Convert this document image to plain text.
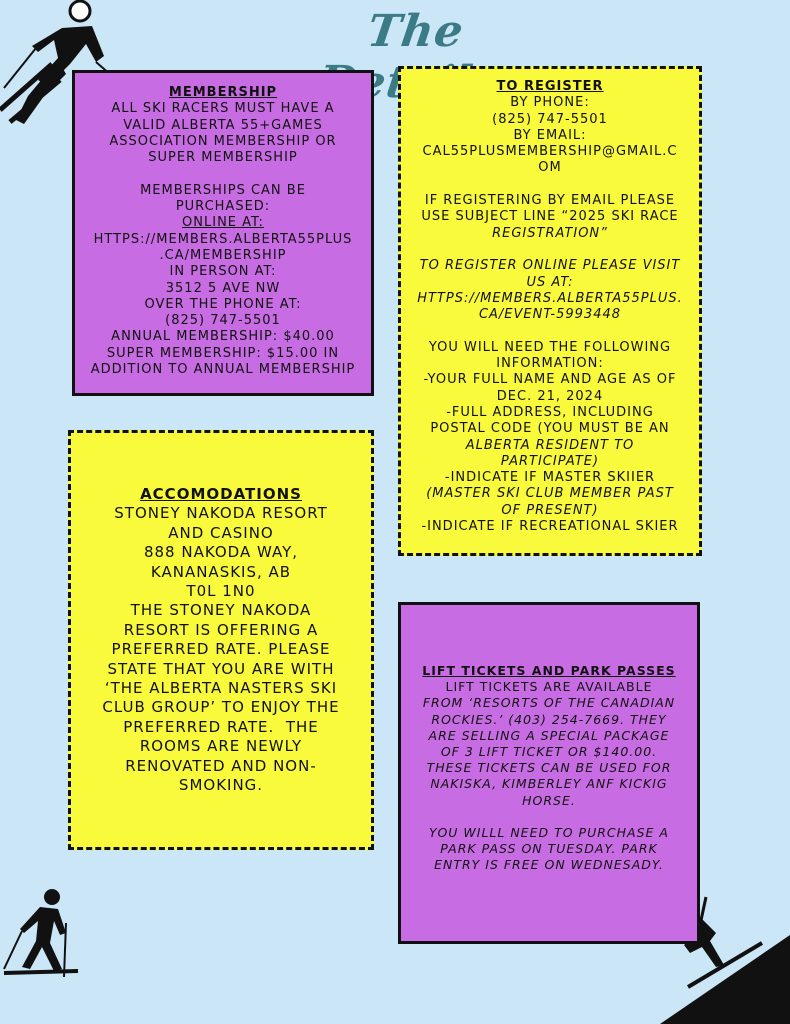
The
MEMBERSHIP
ALL SKI RACERS MUST HAVE A
VALID ALBERTA 55+GAMES
ASSOCIATION MEMBERSHIP OR
SUPER MEMBERSHIP

MEMBERSHIPS CAN BE
PURCHASED:
ONLINE AT:
HTTPS://MEMBERS.ALBERTA55PLUS
.CA/MEMBERSHIP
IN PERSON AT:
3512 5 AVE NW
OVER THE PHONE AT:
(825) 747-5501
ANNUAL MEMBERSHIP: $40.00
SUPER MEMBERSHIP: $15.00 IN
ADDITION TO ANNUAL MEMBERSHIP
TO REGISTER
BY PHONE:
(825) 747-5501
BY EMAIL:
CAL55PLUSMEMBERSHIP@GMAIL.C
OM

IF REGISTERING BY EMAIL PLEASE
USE SUBJECT LINE “2025 SKI RACE
REGISTRATION”

TO REGISTER ONLINE PLEASE VISIT
US AT:
HTTPS://MEMBERS.ALBERTA55PLUS.
CA/EVENT-5993448

YOU WILL NEED THE FOLLOWING
INFORMATION:
-YOUR FULL NAME AND AGE AS OF
DEC. 21, 2024
-FULL ADDRESS, INCLUDING
POSTAL CODE (YOU MUST BE AN
ALBERTA RESIDENT TO
PARTICIPATE)
-INDICATE IF MASTER SKIIER
(MASTER SKI CLUB MEMBER PAST
OF PRESENT)
-INDICATE IF RECREATIONAL SKIER
ACCOMODATIONS
STONEY NAKODA RESORT
AND CASINO
888 NAKODA WAY,
KANANASKIS, AB
T0L 1N0
THE STONEY NAKODA
RESORT IS OFFERING A
PREFERRED RATE. PLEASE
STATE THAT YOU ARE WITH
‘THE ALBERTA NASTERS SKI
CLUB GROUP’ TO ENJOY THE
PREFERRED RATE.  THE
ROOMS ARE NEWLY
RENOVATED AND NON-
SMOKING.
LIFT TICKETS AND PARK PASSES
LIFT TICKETS ARE AVAILABLE
FROM ‘RESORTS OF THE CANADIAN
ROCKIES.’ (403) 254-7669. THEY
ARE SELLING A SPECIAL PACKAGE
OF 3 LIFT TICKET OR $140.00.
THESE TICKETS CAN BE USED FOR
NAKISKA, KIMBERLEY ANF KICKIG
HORSE.

YOU WILLL NEED TO PURCHASE A
PARK PASS ON TUESDAY. PARK
ENTRY IS FREE ON WEDNESADY.
